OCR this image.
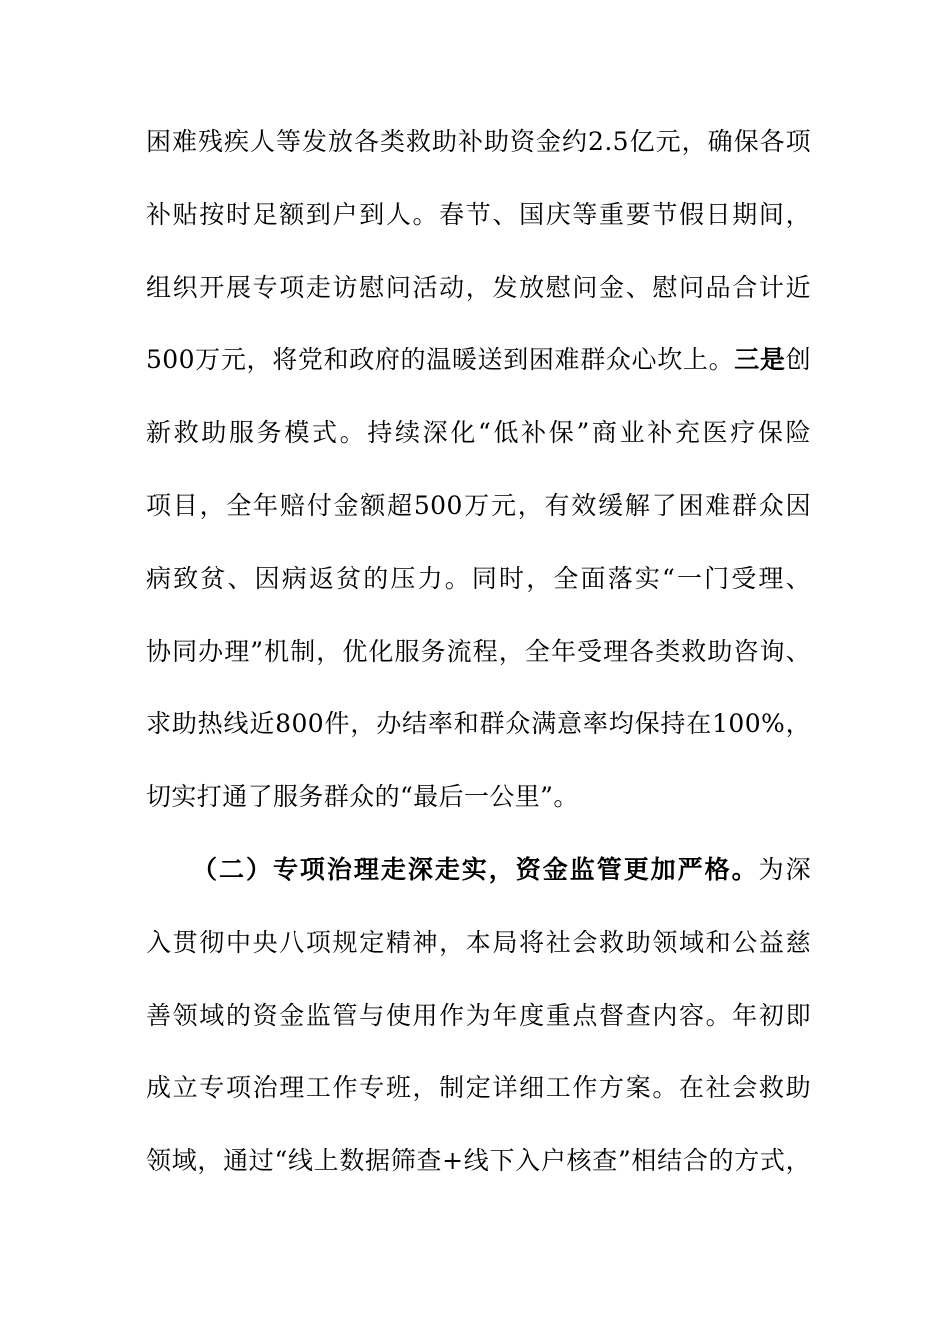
困难残疾人等发放各类救助补助资金约2.5亿元，确保各项
补贴按时足额到户到人。春节、国庆等重要节假日期间，
组织开展专项走访慰问活动，发放慰问金、慰问品合计近
500万元，将党和政府的温暖送到困难群众心坎上。三是创
新救助服务模式。持续深化“低补保”商业补充医疗保险
项目，全年赔付金额超500万元，有效缓解了困难群众因
病致贫、因病返贫的压力。同时，全面落实“一门受理、
协同办理”机制，优化服务流程，全年受理各类救助咨询、
求助热线近800件，办结率和群众满意率均保持在100%，
切实打通了服务群众的“最后一公里”。
（二）专项治理走深走实，资金监管更加严格。为深
入贯彻中央八项规定精神，本局将社会救助领域和公益慈
善领域的资金监管与使用作为年度重点督查内容。年初即
成立专项治理工作专班，制定详细工作方案。在社会救助
领域，通过“线上数据筛查+线下入户核查”相结合的方式，
